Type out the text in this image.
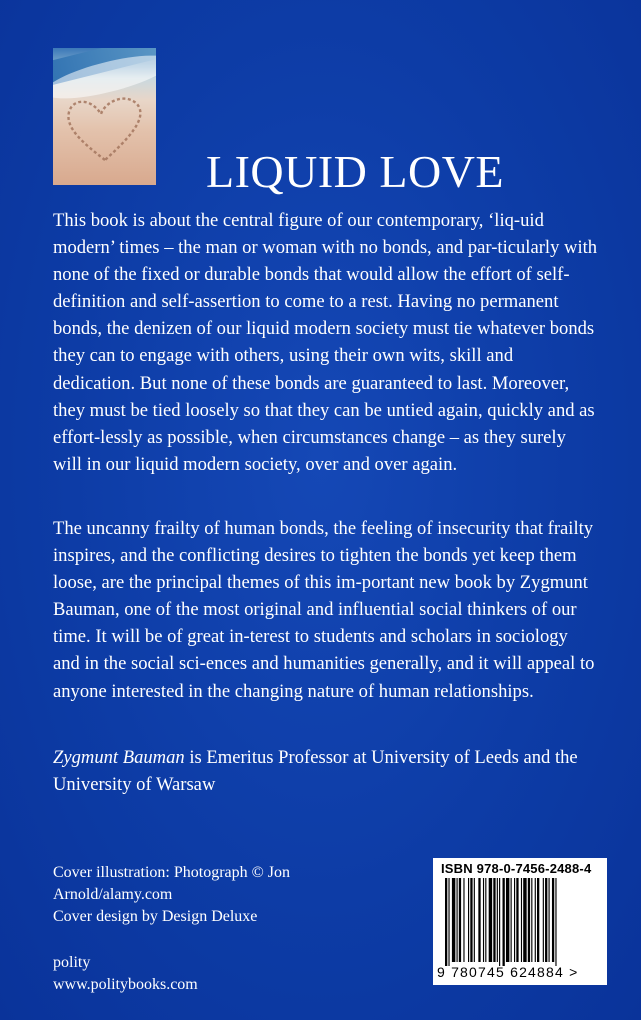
LIQUID LOVE

This book is about the central figure of our contemporary, ‘liq-uid modern’ times – the man or woman with no bonds, and par-ticularly with none of the fixed or durable bonds that would allow the effort of self-definition and self-assertion to come to a rest. Having no permanent bonds, the denizen of our liquid modern society must tie whatever bonds they can to engage with others, using their own wits, skill and dedication. But none of these bonds are guaranteed to last. Moreover, they must be tied loosely so that they can be untied again, quickly and as effort-lessly as possible, when circumstances change – as they surely will in our liquid modern society, over and over again.

The uncanny frailty of human bonds, the feeling of insecurity that frailty inspires, and the conflicting desires to tighten the bonds yet keep them loose, are the principal themes of this im-portant new book by Zygmunt Bauman, one of the most original and influential social thinkers of our time. It will be of great in-terest to students and scholars in sociology and in the social sci-ences and humanities generally, and it will appeal to anyone interested in the changing nature of human relationships.

Zygmunt Bauman is Emeritus Professor at University of Leeds and the University of Warsaw

Cover illustration: Photograph © Jon Arnold/alamy.com
Cover design by Design Deluxe
polity
www.politybooks.com
ISBN 978-0-7456-2488-4
9 780745 624884 >
